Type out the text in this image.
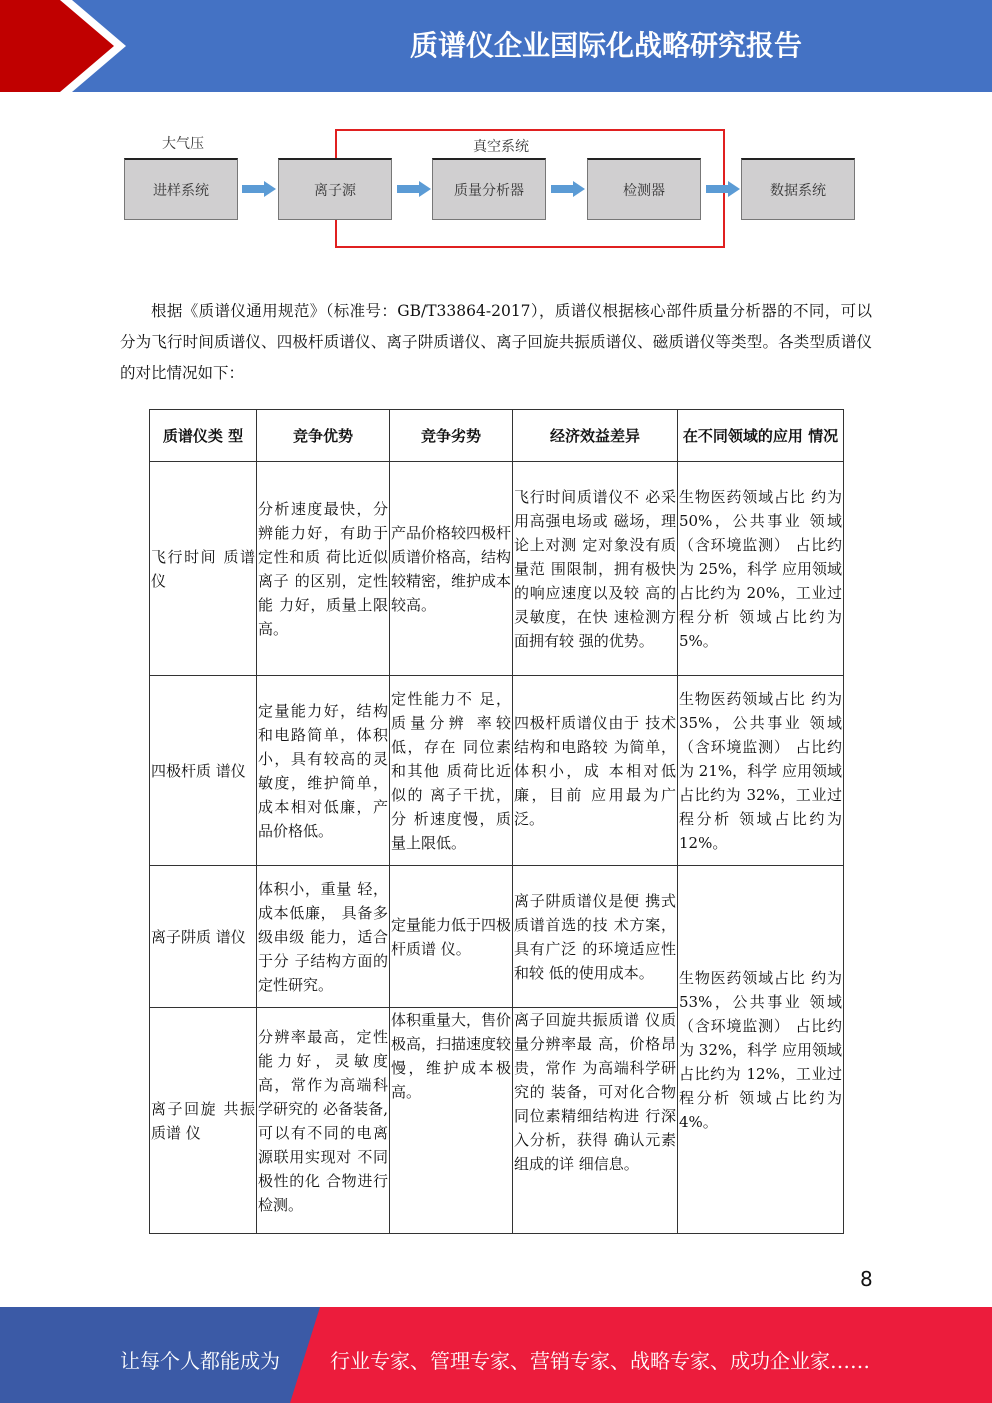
质谱仪企业国际化战略研究报告
大气压	真空系统
进样系统	离子源	质量分析器	检测器	数据系统

根据《质谱仪通用规范》（标准号：GB/T33864-2017），质谱仪根据核心部件质量分析器的不同，可以分为飞行时间质谱仪、四极杆质谱仪、离子阱质谱仪、离子回旋共振质谱仪、磁质谱仪等类型。各类型质谱仪的对比情况如下：

质谱仪类 型	竞争优势	竞争劣势	经济效益差异	在不同领域的应用 情况
飞行时间 质谱仪	分析速度最快，分辨能力好，有助于定性和质 荷比近似离子 的区别，定性能 力好，质量上限 高。	产品价格较四极杆质谱价格高，结构较精密，维护成本较高。	飞行时间质谱仪不 必采用高强电场或 磁场，理论上对测 定对象没有质量范 围限制，拥有极快 的响应速度以及较 高的灵敏度，在快 速检测方面拥有较 强的优势。	生物医药领域占比 约为 50%，公共事业 领域（含环境监测） 占比约为 25%，科学 应用领域占比约为 20%，工业过程分析 领域占比约为 5%。
四极杆质 谱仪	定量能力好，结构和电路简单，体积小，具有较高的灵敏度，维护简单，成本相对低廉，产品价格低。	定性能力不 足，质量分辨 率较低，存在 同位素和其他 质荷比近似的 离子干扰，分 析速度慢，质 量上限低。	四极杆质谱仪由于 技术结构和电路较 为简单，体积小，成 本相对低廉，目前 应用最为广泛。	生物医药领域占比 约为 35%，公共事业 领域（含环境监测） 占比约为 21%，科学 应用领域占比约为 32%，工业过程分析 领域占比约为 12%。
离子阱质 谱仪	体积小，重量 轻，成本低廉， 具备多级串级 能力，适合于分 子结构方面的 定性研究。	定量能力低于四极杆质谱 仪。	离子阱质谱仪是便 携式质谱首选的技 术方案，具有广泛 的环境适应性和较 低的使用成本。	生物医药领域占比 约为 53%，公共事业 领域（含环境监测） 占比约为 32%，科学 应用领域占比约为 12%，工业过程分析 领域占比约为 4%。
离子回旋 共振质谱 仪	分辨率最高，定性能力好，灵敏度高，常作为高端科学研究的 必备装备,可以有不同的电离 源联用实现对 不同极性的化 合物进行检测。	体积重量大，售价极高，扫描速度较慢，维护成本极 高。	离子回旋共振质谱 仪质量分辨率最 高，价格昂贵，常作 为高端科学研究的 装备，可对化合物同位素精细结构进 行深入分析，获得 确认元素组成的详 细信息。	
8
让每个人都能成为	行业专家、管理专家、营销专家、战略专家、成功企业家……
